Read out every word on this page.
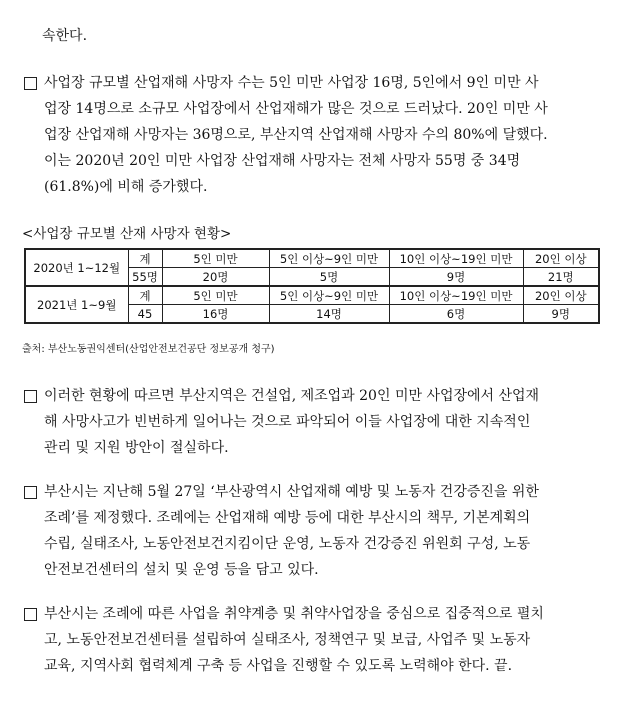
속한다.
사업장 규모별 산업재해 사망자 수는 5인 미만 사업장 16명, 5인에서 9인 미만 사
업장 14명으로 소규모 사업장에서 산업재해가 많은 것으로 드러났다. 20인 미만 사
업장 산업재해 사망자는 36명으로, 부산지역 산업재해 사망자 수의 80%에 달했다.
이는 2020년 20인 미만 사업장 산업재해 사망자는 전체 사망자 55명 중 34명
(61.8%)에 비해 증가했다.
<사업장 규모별 산재 사망자 현황>
2020년 1~12월	계	5인 미만	5인 이상~9인 미만	10인 이상~19인 미만	20인 이상
	55명	20명	5명	9명	21명
2021년 1~9월	계	5인 미만	5인 이상~9인 미만	10인 이상~19인 미만	20인 이상
	45	16명	14명	6명	9명
출처: 부산노동권익센터(산업안전보건공단 정보공개 청구)
이러한 현황에 따르면 부산지역은 건설업, 제조업과 20인 미만 사업장에서 산업재
해 사망사고가 빈번하게 일어나는 것으로 파악되어 이들 사업장에 대한 지속적인
관리 및 지원 방안이 절실하다.
부산시는 지난해 5월 27일 ‘부산광역시 산업재해 예방 및 노동자 건강증진을 위한
조례’를 제정했다. 조례에는 산업재해 예방 등에 대한 부산시의 책무, 기본계획의
수립, 실태조사, 노동안전보건지킴이단 운영, 노동자 건강증진 위원회 구성, 노동
안전보건센터의 설치 및 운영 등을 담고 있다.
부산시는 조례에 따른 사업을 취약계층 및 취약사업장을 중심으로 집중적으로 펼치
고, 노동안전보건센터를 설립하여 실태조사, 정책연구 및 보급, 사업주 및 노동자
교육, 지역사회 협력체계 구축 등 사업을 진행할 수 있도록 노력해야 한다. 끝.
